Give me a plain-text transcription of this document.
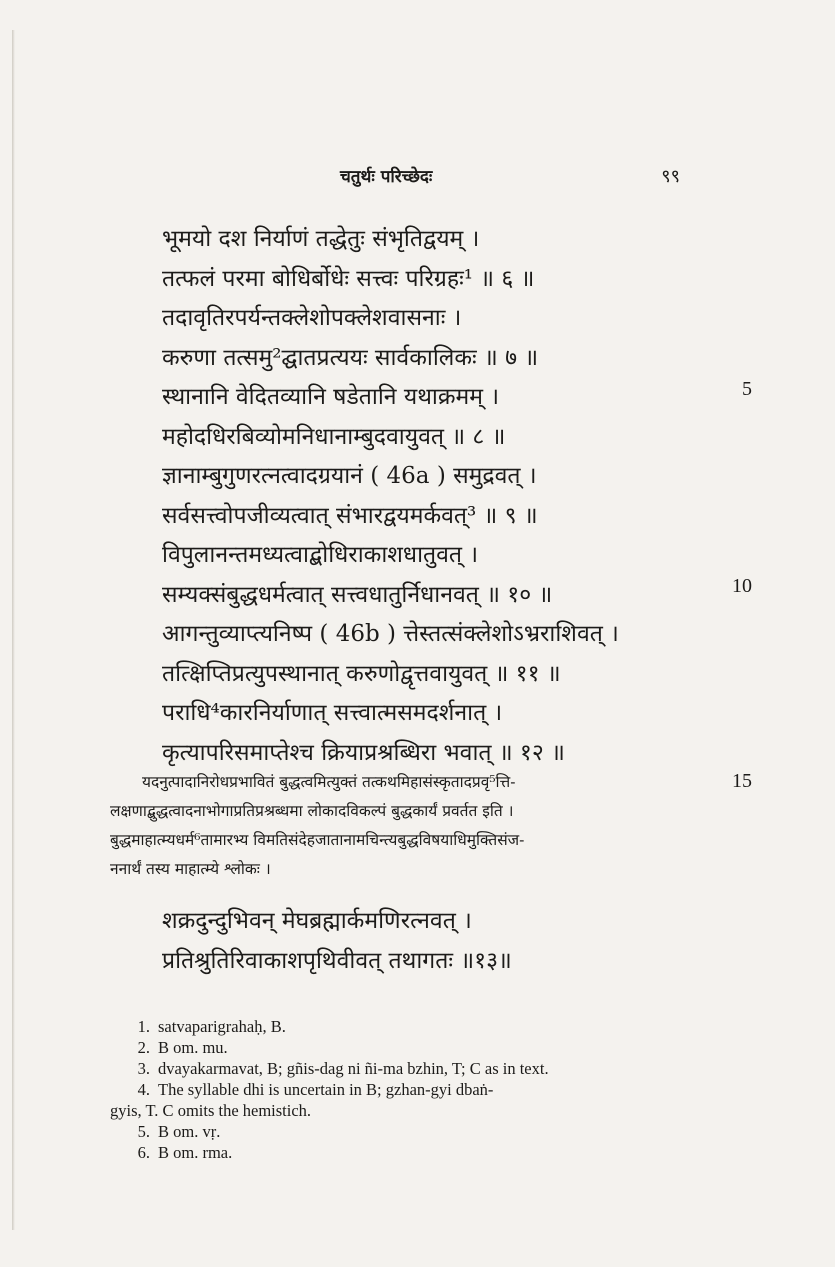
चतुर्थः परिच्छेदः	९९
भूमयो दश निर्याणं तद्धेतुः संभृतिद्वयम् ।
तत्फलं परमा बोधिर्बोधेः सत्त्वः परिग्रहः¹ ॥ ६ ॥
तदावृतिरपर्यन्तक्लेशोपक्लेशवासनाः ।
करुणा तत्समु²द्घातप्रत्ययः सार्वकालिकः ॥ ७ ॥
स्थानानि वेदितव्यानि षडेतानि यथाक्रमम् ।
महोदधिरबिव्योमनिधानाम्बुदवायुवत् ॥ ८ ॥
ज्ञानाम्बुगुणरत्नत्वादग्रयानं ( 46a ) समुद्रवत् ।
सर्वसत्त्वोपजीव्यत्वात् संभारद्वयमर्कवत्³ ॥ ९ ॥
विपुलानन्तमध्यत्वाद्बोधिराकाशधातुवत् ।
सम्यक्संबुद्धधर्मत्वात् सत्त्वधातुर्निधानवत् ॥ १० ॥
आगन्तुव्याप्त्यनिष्प ( 46b ) त्तेस्तत्संक्लेशोऽभ्रराशिवत् ।
तत्क्षिप्तिप्रत्युपस्थानात् करुणोद्वृत्तवायुवत् ॥ ११ ॥
पराधि⁴कारनिर्याणात् सत्त्वात्मसमदर्शनात् ।
कृत्यापरिसमाप्तेश्च क्रियाप्रश्रब्धिरा भवात् ॥ १२ ॥
5
10
15
यदनुत्पादानिरोधप्रभावितं बुद्धत्वमित्युक्तं तत्कथमिहासंस्कृतादप्रवृ⁵त्ति-
लक्षणाद्बुद्धत्वादनाभोगाप्रतिप्रश्रब्धमा लोकादविकल्पं बुद्धकार्यं प्रवर्तत इति ।
बुद्धमाहात्म्यधर्म⁶तामारभ्य विमतिसंदेहजातानामचिन्त्यबुद्धविषयाधिमुक्तिसंज-
ननार्थं तस्य माहात्म्ये श्लोकः ।
शक्रदुन्दुभिवन् मेघब्रह्मार्कमणिरत्नवत् ।
प्रतिश्रुतिरिवाकाशपृथिवीवत् तथागतः ॥१३॥
1. satvaparigrahaḥ, B.
2. B om. mu.
3. dvayakarmavat, B; gñis-dag ni ñi-ma bzhin, T; C as in text.
4. The syllable dhi is uncertain in B; gzhan-gyi dbaṅ-
gyis, T. C omits the hemistich.
5. B om. vṛ.
6. B om. rma.
